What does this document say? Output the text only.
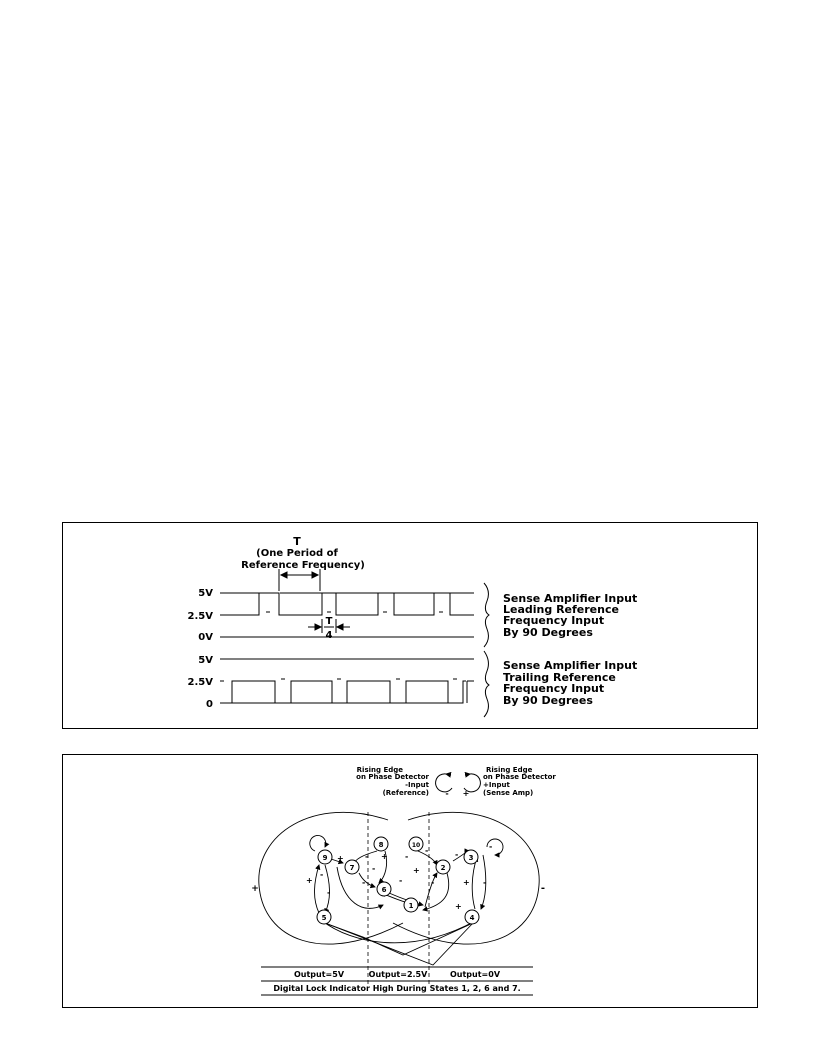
T
(One Period of
Reference Frequency)
5V
2.5V
0V
T
4
5V
2.5V
0
Sense Amplifier Input
Leading Reference
Frequency Input
By 90 Degrees
Sense Amplifier Input
Trailing Reference
Frequency Input
By 90 Degrees
Rising Edge
on Phase Detector
-Input
(Reference)
Rising Edge
on Phase Detector
+Input
(Sense Amp)
- +
+	-
9
7
8	10
2
3
5
1
6
4
+
-
+
-
-
- +
-
-
+
-
-
-
-
+ -
+
-
Output=5V	Output=2.5V	Output=0V
Digital Lock Indicator High During States 1, 2, 6 and 7.
